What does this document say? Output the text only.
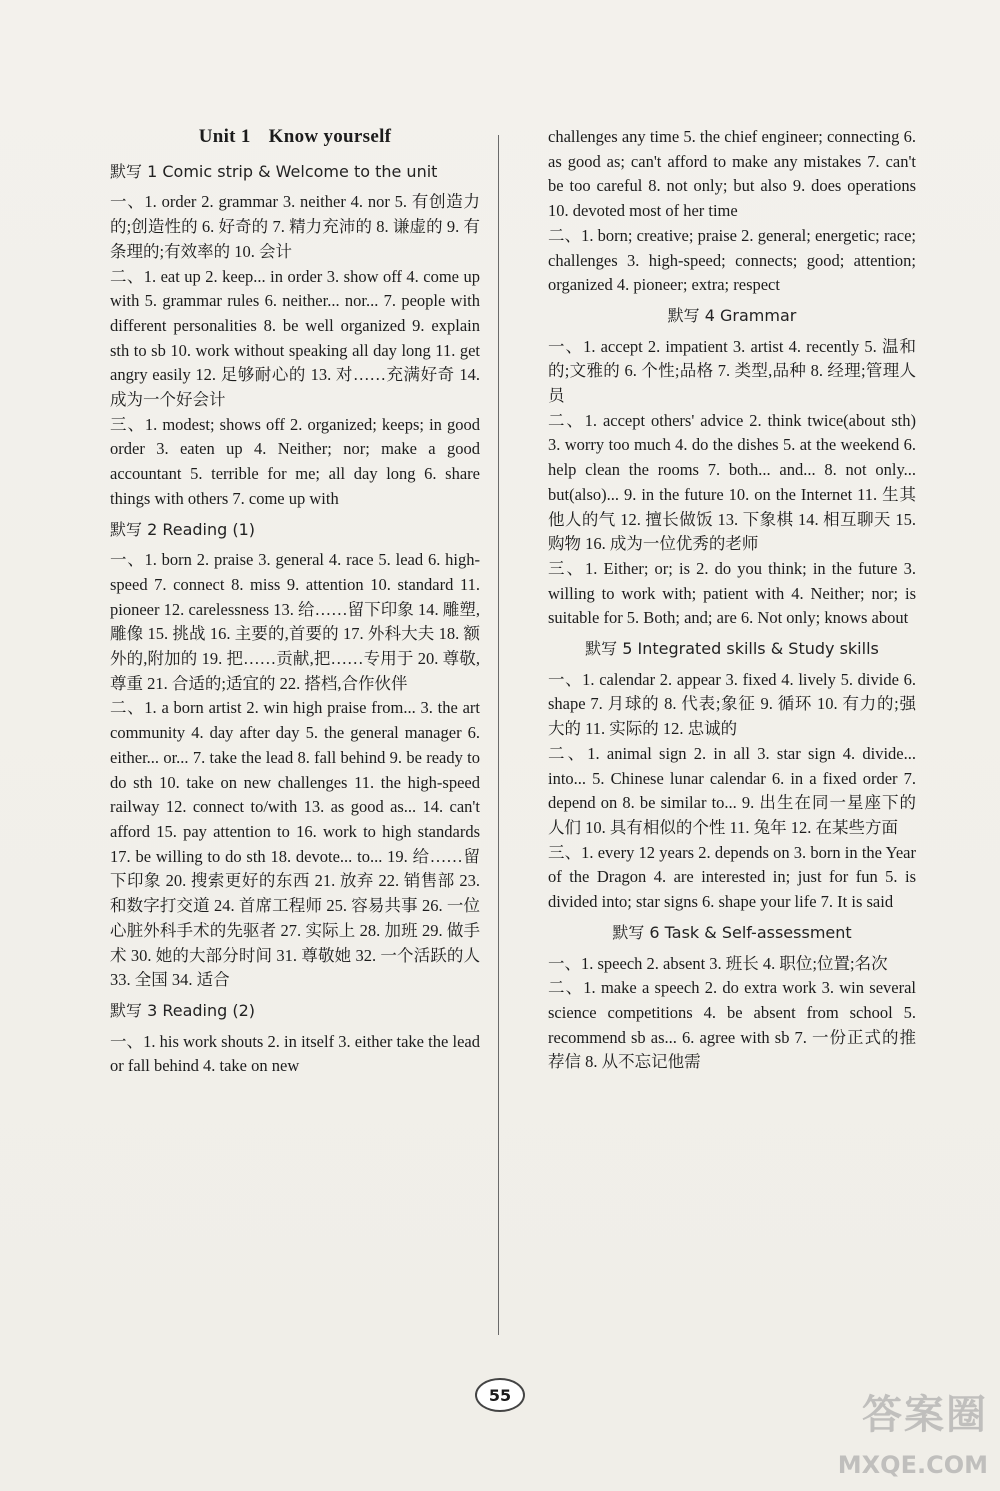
Unit 1 Know yourself
默写 1 Comic strip & Welcome to the unit

一、1. order 2. grammar 3. neither 4. nor 5. 有创造力的;创造性的 6. 好奇的 7. 精力充沛的 8. 谦虚的 9. 有条理的;有效率的 10. 会计

二、1. eat up 2. keep... in order 3. show off 4. come up with 5. grammar rules 6. neither... nor... 7. people with different personalities 8. be well organized 9. explain sth to sb 10. work without speaking all day long 11. get angry easily 12. 足够耐心的 13. 对……充满好奇 14. 成为一个好会计

三、1. modest; shows off 2. organized; keeps; in good order 3. eaten up 4. Neither; nor; make a good accountant 5. terrible for me; all day long 6. share things with others 7. come up with

默写 2 Reading (1)

一、1. born 2. praise 3. general 4. race 5. lead 6. high-speed 7. connect 8. miss 9. attention 10. standard 11. pioneer 12. carelessness 13. 给……留下印象 14. 雕塑,雕像 15. 挑战 16. 主要的,首要的 17. 外科大夫 18. 额外的,附加的 19. 把……贡献,把……专用于 20. 尊敬,尊重 21. 合适的;适宜的 22. 搭档,合作伙伴

二、1. a born artist 2. win high praise from... 3. the art community 4. day after day 5. the general manager 6. either... or... 7. take the lead 8. fall behind 9. be ready to do sth 10. take on new challenges 11. the high-speed railway 12. connect to/with 13. as good as... 14. can't afford 15. pay attention to 16. work to high standards 17. be willing to do sth 18. devote... to... 19. 给……留下印象 20. 搜索更好的东西 21. 放弃 22. 销售部 23. 和数字打交道 24. 首席工程师 25. 容易共事 26. 一位心脏外科手术的先驱者 27. 实际上 28. 加班 29. 做手术 30. 她的大部分时间 31. 尊敬她 32. 一个活跃的人 33. 全国 34. 适合

默写 3 Reading (2)

一、1. his work shouts 2. in itself 3. either take the lead or fall behind 4. take on new

challenges any time 5. the chief engineer; connecting 6. as good as; can't afford to make any mistakes 7. can't be too careful 8. not only; but also 9. does operations 10. devoted most of her time

二、1. born; creative; praise 2. general; energetic; race; challenges 3. high-speed; connects; good; attention; organized 4. pioneer; extra; respect

默写 4 Grammar

一、1. accept 2. impatient 3. artist 4. recently 5. 温和的;文雅的 6. 个性;品格 7. 类型,品种 8. 经理;管理人员

二、1. accept others' advice 2. think twice(about sth) 3. worry too much 4. do the dishes 5. at the weekend 6. help clean the rooms 7. both... and... 8. not only... but(also)... 9. in the future 10. on the Internet 11. 生其他人的气 12. 擅长做饭 13. 下象棋 14. 相互聊天 15. 购物 16. 成为一位优秀的老师

三、1. Either; or; is 2. do you think; in the future 3. willing to work with; patient with 4. Neither; nor; is suitable for 5. Both; and; are 6. Not only; knows about

默写 5 Integrated skills & Study skills

一、1. calendar 2. appear 3. fixed 4. lively 5. divide 6. shape 7. 月球的 8. 代表;象征 9. 循环 10. 有力的;强大的 11. 实际的 12. 忠诚的

二、1. animal sign 2. in all 3. star sign 4. divide... into... 5. Chinese lunar calendar 6. in a fixed order 7. depend on 8. be similar to... 9. 出生在同一星座下的人们 10. 具有相似的个性 11. 兔年 12. 在某些方面

三、1. every 12 years 2. depends on 3. born in the Year of the Dragon 4. are interested in; just for fun 5. is divided into; star signs 6. shape your life 7. It is said

默写 6 Task & Self-assessment

一、1. speech 2. absent 3. 班长 4. 职位;位置;名次

二、1. make a speech 2. do extra work 3. win several science competitions 4. be absent from school 5. recommend sb as... 6. agree with sb 7. 一份正式的推荐信 8. 从不忘记他需

55	答案圈
MXQE.COM
